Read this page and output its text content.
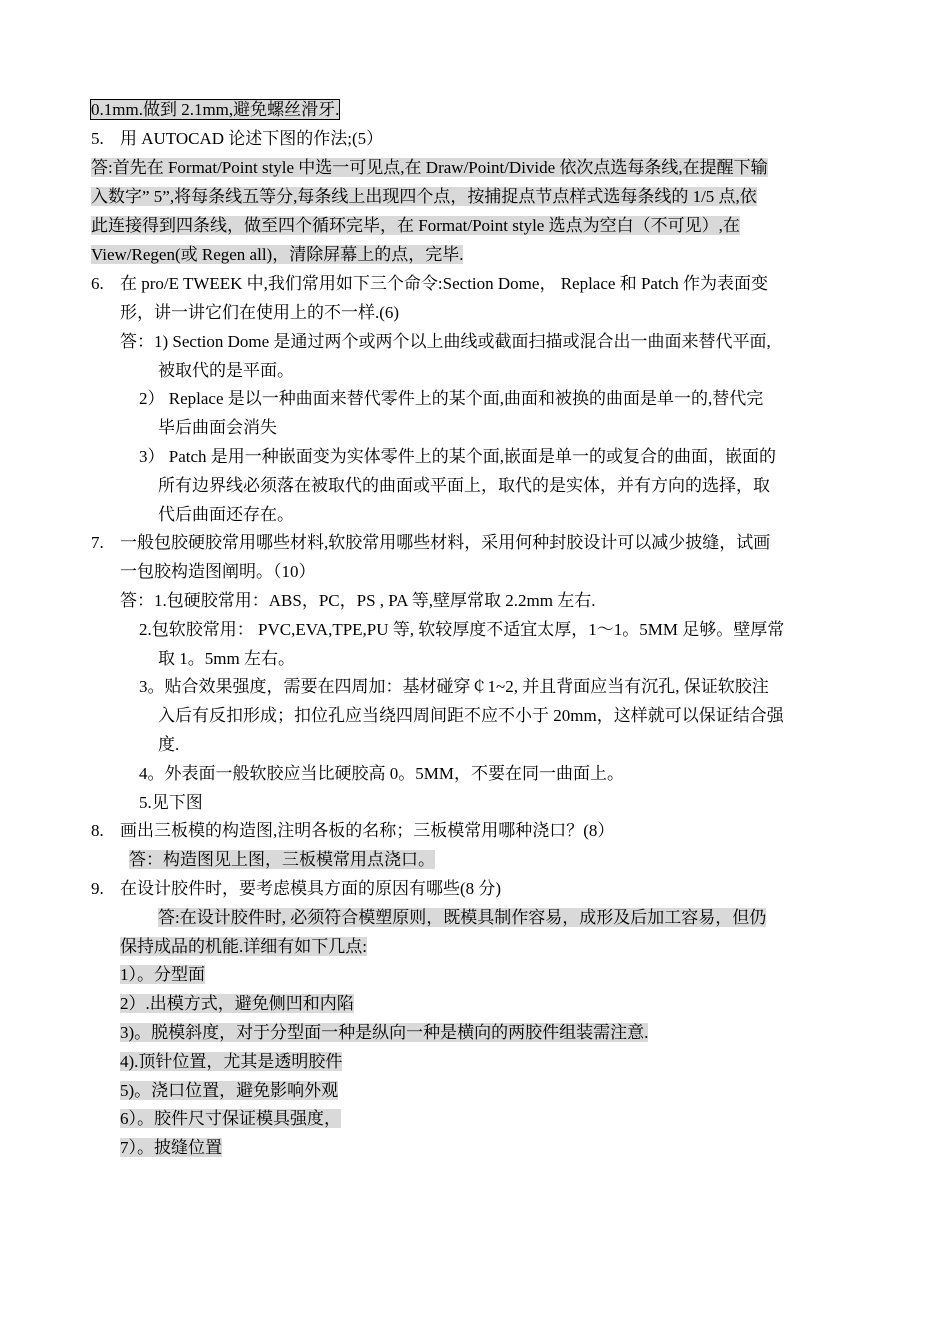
0.1mm.做到 2.1mm,避免螺丝滑牙.
5. 用 AUTOCAD 论述下图的作法;(5）
答:首先在 Format/Point style 中选一可见点,在 Draw/Point/Divide 依次点选每条线,在提醒下输
入数字” 5”,将每条线五等分,每条线上出现四个点，按捕捉点节点样式选每条线的 1/5 点,依
此连接得到四条线，做至四个循环完毕，在 Format/Point style 选点为空白（不可见）,在
View/Regen(或 Regen all)，清除屏幕上的点，完毕.
6. 在 pro/E TWEEK 中,我们常用如下三个命令:Section Dome， Replace 和 Patch 作为表面变
形，讲一讲它们在使用上的不一样.(6)
答：1) Section Dome 是通过两个或两个以上曲线或截面扫描或混合出一曲面来替代平面,
被取代的是平面。
2） Replace 是以一种曲面来替代零件上的某个面,曲面和被换的曲面是单一的,替代完
毕后曲面会消失
3） Patch 是用一种嵌面变为实体零件上的某个面,嵌面是单一的或复合的曲面，嵌面的
所有边界线必须落在被取代的曲面或平面上，取代的是实体，并有方向的选择，取
代后曲面还存在。
7. 一般包胶硬胶常用哪些材料,软胶常用哪些材料，采用何种封胶设计可以减少披缝，试画
一包胶构造图阐明。（10）
答：1.包硬胶常用：ABS，PC，PS , PA 等,壁厚常取 2.2mm 左右.
2.包软胶常用： PVC,EVA,TPE,PU 等, 软较厚度不适宜太厚，1～1。5MM 足够。壁厚常
取 1。5mm 左右。
3。贴合效果强度，需要在四周加：基材碰穿￠1~2, 并且背面应当有沉孔, 保证软胶注
入后有反扣形成；扣位孔应当绕四周间距不应不小于 20mm，这样就可以保证结合强
度.
4。外表面一般软胶应当比硬胶高 0。5MM，不要在同一曲面上。
5.见下图
8. 画出三板模的构造图,注明各板的名称；三板模常用哪种浇口？(8）
答：构造图见上图，三板模常用点浇口。
9. 在设计胶件时，要考虑模具方面的原因有哪些(8 分)
答:在设计胶件时, 必须符合模塑原则，既模具制作容易，成形及后加工容易，但仍
保持成品的机能.详细有如下几点:
1）。分型面
2）.出模方式，避免侧凹和内陷
3)。脱模斜度，对于分型面一种是纵向一种是横向的两胶件组装需注意.
4).顶针位置，尤其是透明胶件
5)。浇口位置，避免影响外观
6）。胶件尺寸保证模具强度，
7）。披缝位置
